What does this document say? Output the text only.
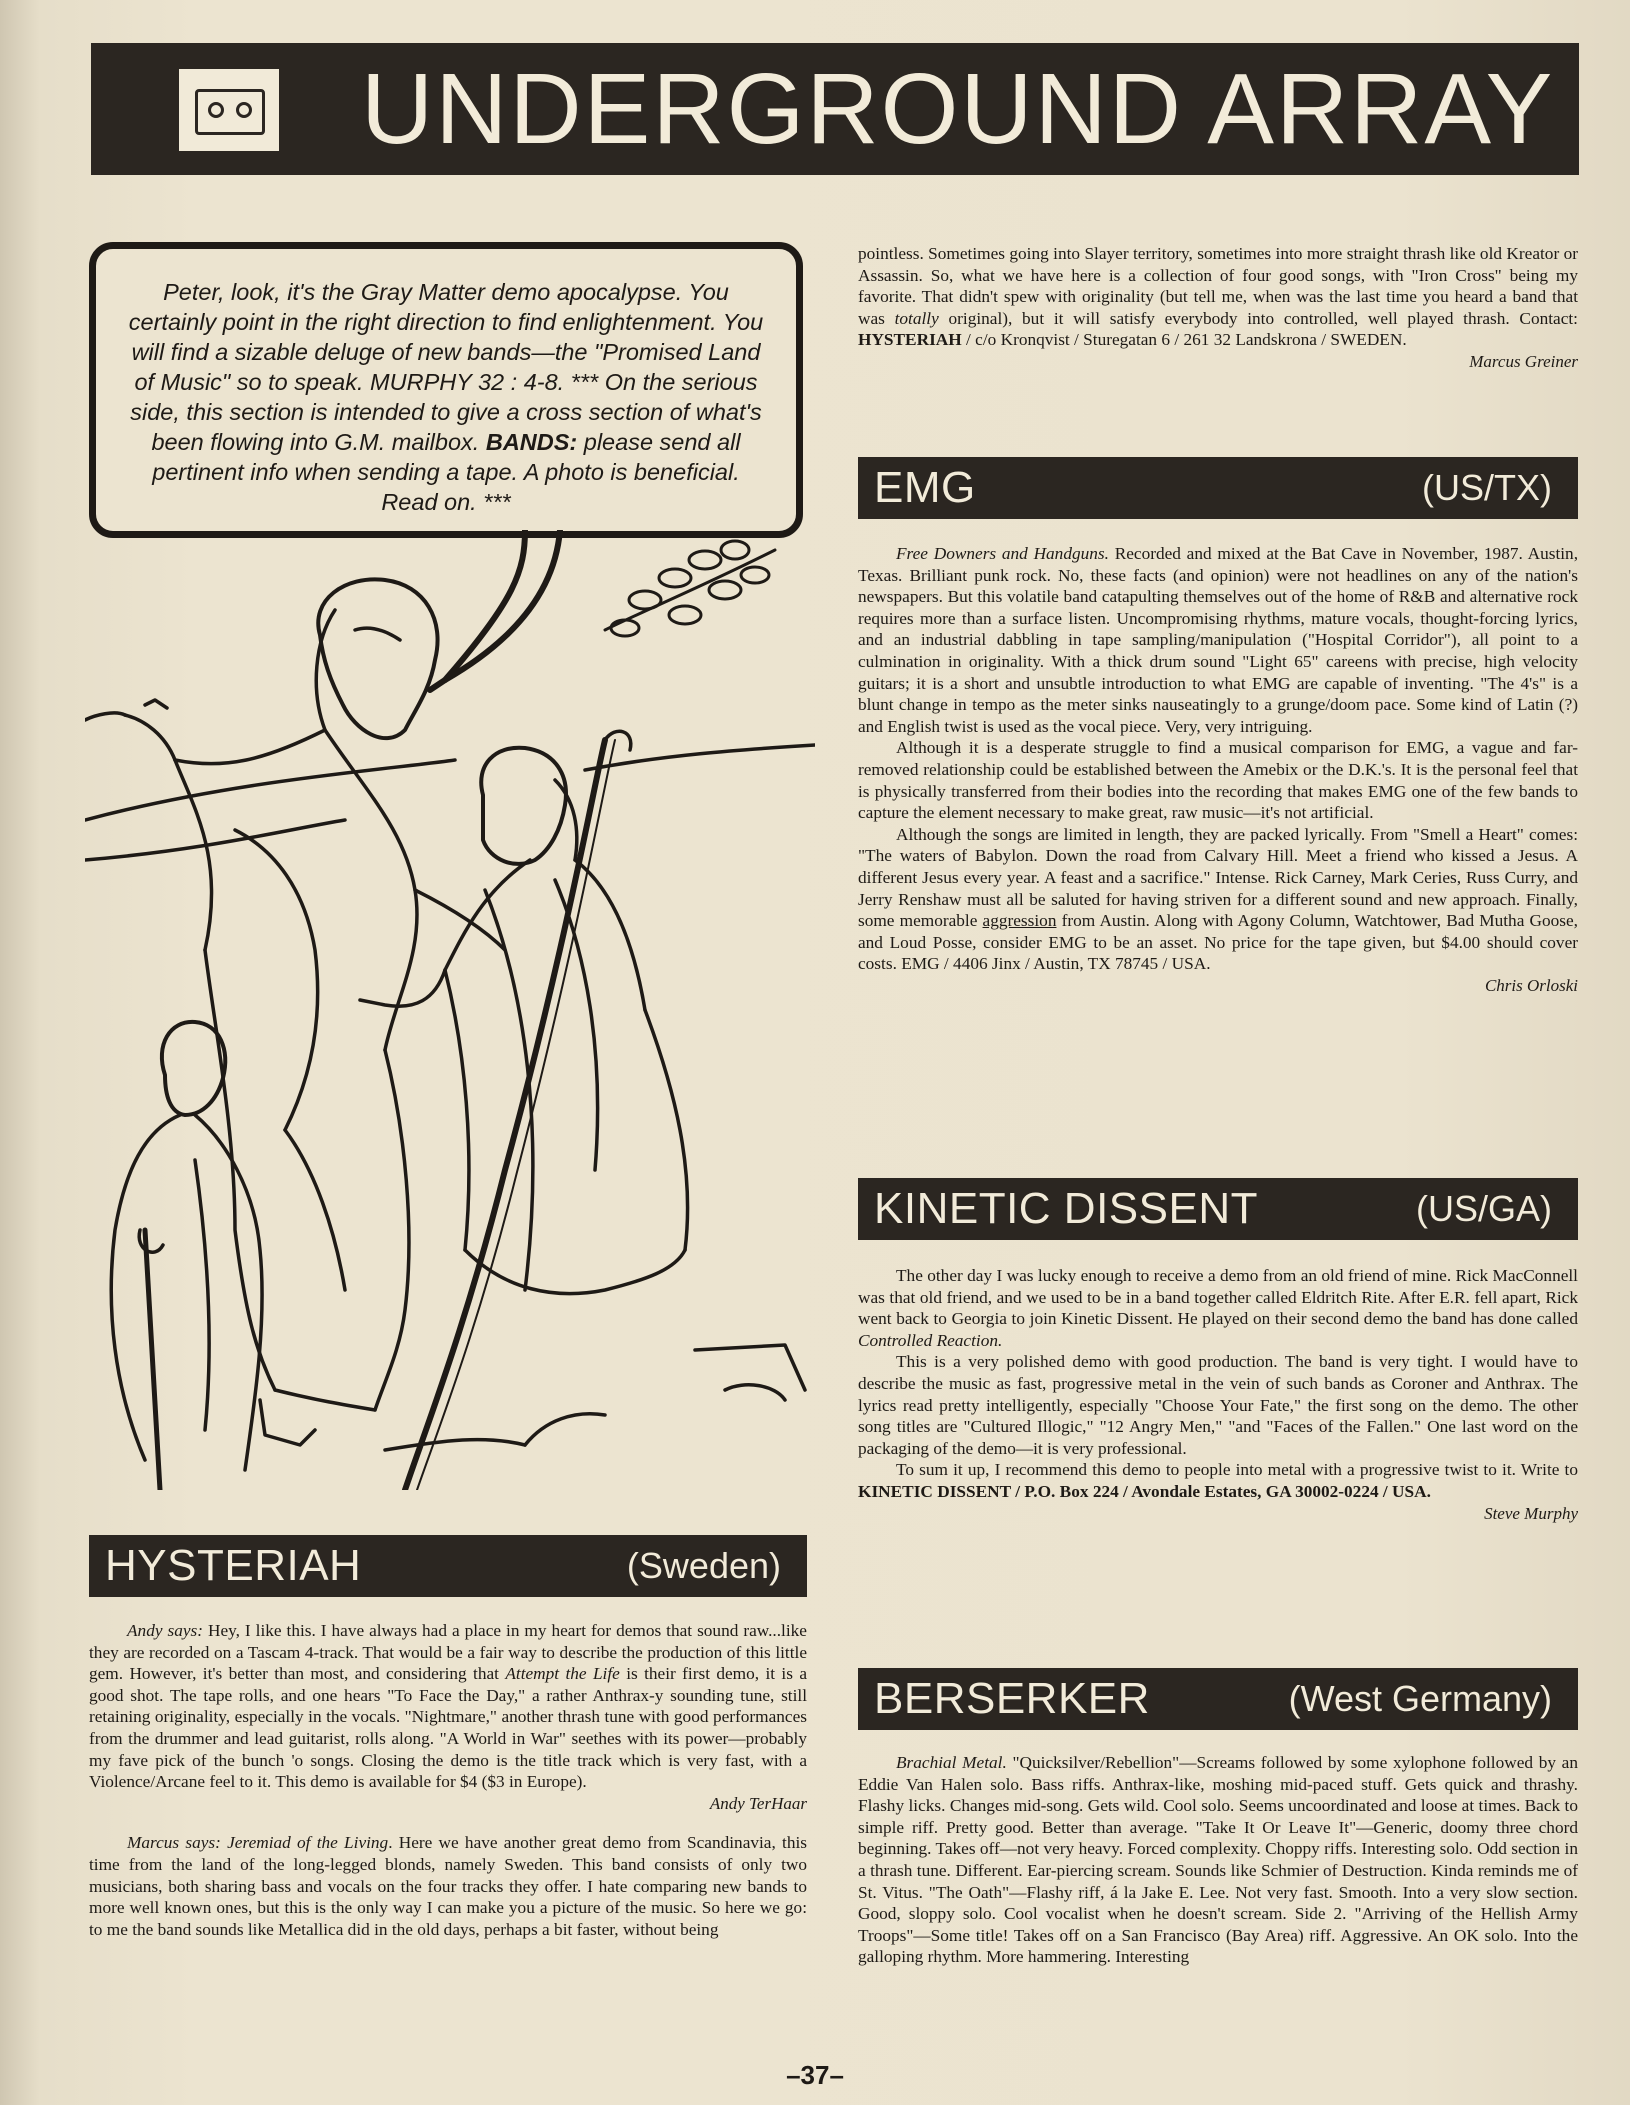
UNDERGROUND ARRAY
Peter, look, it's the Gray Matter demo apocalypse. You certainly point in the right direction to find enlightenment. You will find a sizable deluge of new bands—the "Promised Land of Music" so to speak. MURPHY 32 : 4-8. *** On the serious side, this section is intended to give a cross section of what's been flowing into G.M. mailbox. BANDS: please send all pertinent info when sending a tape. A photo is beneficial. Read on. ***
HYSTERIAH	(Sweden)

Andy says: Hey, I like this. I have always had a place in my heart for demos that sound raw...like they are recorded on a Tascam 4-track. That would be a fair way to describe the production of this little gem. However, it's better than most, and considering that Attempt the Life is their first demo, it is a good shot. The tape rolls, and one hears "To Face the Day," a rather Anthrax-y sounding tune, still retaining originality, especially in the vocals. "Nightmare," another thrash tune with good performances from the drummer and lead guitarist, rolls along. "A World in War" seethes with its power—probably my fave pick of the bunch 'o songs. Closing the demo is the title track which is very fast, with a Violence/Arcane feel to it. This demo is available for $4 ($3 in Europe).

Andy TerHaar

Marcus says: Jeremiad of the Living. Here we have another great demo from Scandinavia, this time from the land of the long-legged blonds, namely Sweden. This band consists of only two musicians, both sharing bass and vocals on the four tracks they offer. I hate comparing new bands to more well known ones, but this is the only way I can make you a picture of the music. So here we go: to me the band sounds like Metallica did in the old days, perhaps a bit faster, without being

pointless. Sometimes going into Slayer territory, sometimes into more straight thrash like old Kreator or Assassin. So, what we have here is a collection of four good songs, with "Iron Cross" being my favorite. That didn't spew with originality (but tell me, when was the last time you heard a band that was totally original), but it will satisfy everybody into controlled, well played thrash. Contact: HYSTERIAH / c/o Kronqvist / Sturegatan 6 / 261 32 Landskrona / SWEDEN.

Marcus Greiner

EMG	(US/TX)

Free Downers and Handguns. Recorded and mixed at the Bat Cave in November, 1987. Austin, Texas. Brilliant punk rock. No, these facts (and opinion) were not headlines on any of the nation's newspapers. But this volatile band catapulting themselves out of the home of R&B and alternative rock requires more than a surface listen. Uncompromising rhythms, mature vocals, thought-forcing lyrics, and an industrial dabbling in tape sampling/manipulation ("Hospital Corridor"), all point to a culmination in originality. With a thick drum sound "Light 65" careens with precise, high velocity guitars; it is a short and unsubtle introduction to what EMG are capable of inventing. "The 4's" is a blunt change in tempo as the meter sinks nauseatingly to a grunge/doom pace. Some kind of Latin (?) and English twist is used as the vocal piece. Very, very intriguing.

Although it is a desperate struggle to find a musical comparison for EMG, a vague and far-removed relationship could be established between the Amebix or the D.K.'s. It is the personal feel that is physically transferred from their bodies into the recording that makes EMG one of the few bands to capture the element necessary to make great, raw music—it's not artificial.

Although the songs are limited in length, they are packed lyrically. From "Smell a Heart" comes: "The waters of Babylon. Down the road from Calvary Hill. Meet a friend who kissed a Jesus. A different Jesus every year. A feast and a sacrifice." Intense. Rick Carney, Mark Ceries, Russ Curry, and Jerry Renshaw must all be saluted for having striven for a different sound and new approach. Finally, some memorable aggression from Austin. Along with Agony Column, Watchtower, Bad Mutha Goose, and Loud Posse, consider EMG to be an asset. No price for the tape given, but $4.00 should cover costs. EMG / 4406 Jinx / Austin, TX 78745 / USA.

Chris Orloski

KINETIC DISSENT	(US/GA)

The other day I was lucky enough to receive a demo from an old friend of mine. Rick MacConnell was that old friend, and we used to be in a band together called Eldritch Rite. After E.R. fell apart, Rick went back to Georgia to join Kinetic Dissent. He played on their second demo the band has done called Controlled Reaction.

This is a very polished demo with good production. The band is very tight. I would have to describe the music as fast, progressive metal in the vein of such bands as Coroner and Anthrax. The lyrics read pretty intelligently, especially "Choose Your Fate," the first song on the demo. The other song titles are "Cultured Illogic," "12 Angry Men," "and "Faces of the Fallen." One last word on the packaging of the demo—it is very professional.

To sum it up, I recommend this demo to people into metal with a progressive twist to it. Write to KINETIC DISSENT / P.O. Box 224 / Avondale Estates, GA 30002-0224 / USA.

Steve Murphy

BERSERKER	(West Germany)

Brachial Metal. "Quicksilver/Rebellion"—Screams followed by some xylophone followed by an Eddie Van Halen solo. Bass riffs. Anthrax-like, moshing mid-paced stuff. Gets quick and thrashy. Flashy licks. Changes mid-song. Gets wild. Cool solo. Seems uncoordinated and loose at times. Back to simple riff. Pretty good. Better than average. "Take It Or Leave It"—Generic, doomy three chord beginning. Takes off—not very heavy. Forced complexity. Choppy riffs. Interesting solo. Odd section in a thrash tune. Different. Ear-piercing scream. Sounds like Schmier of Destruction. Kinda reminds me of St. Vitus. "The Oath"—Flashy riff, á la Jake E. Lee. Not very fast. Smooth. Into a very slow section. Good, sloppy solo. Cool vocalist when he doesn't scream. Side 2. "Arriving of the Hellish Army Troops"—Some title! Takes off on a San Francisco (Bay Area) riff. Aggressive. An OK solo. Into the galloping rhythm. More hammering. Interesting

–37–
